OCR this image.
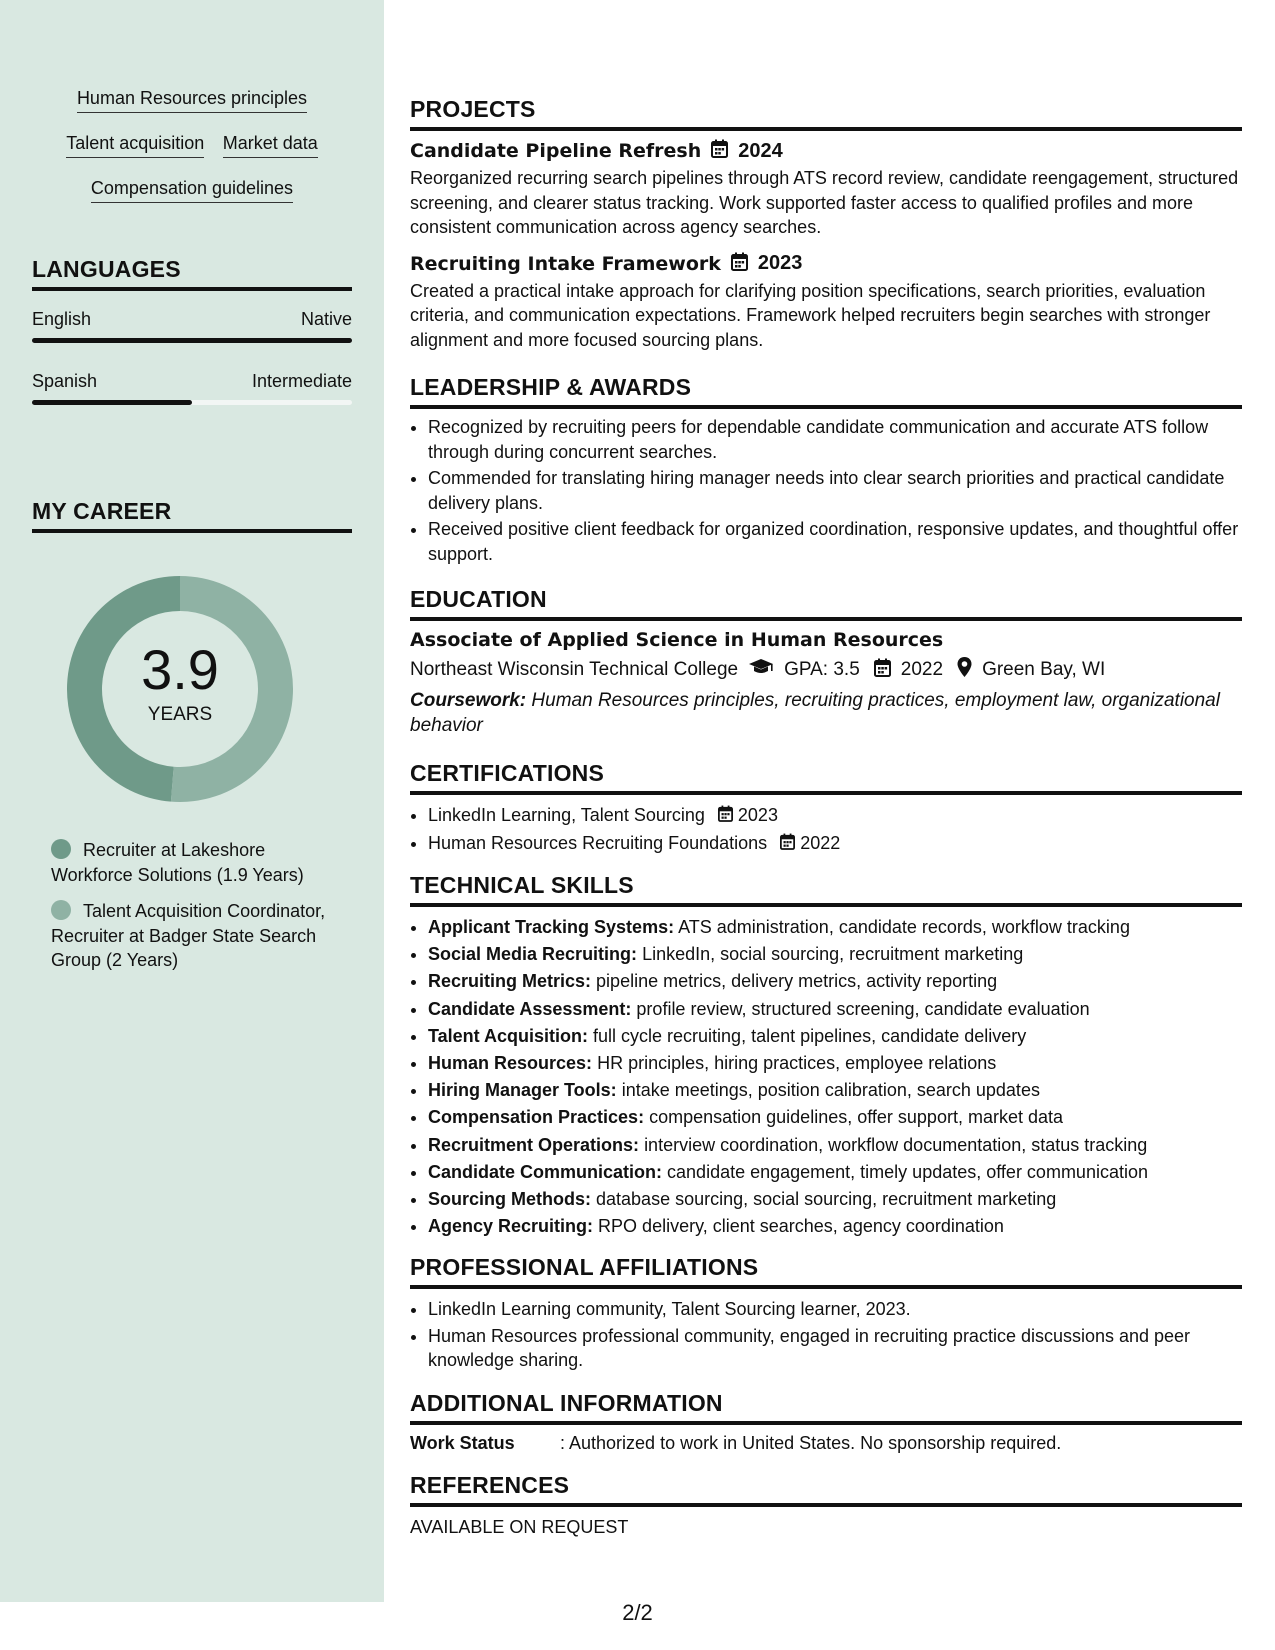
Human Resources principles
Talent acquisition Market data
Compensation guidelines
LANGUAGES
English	Native
Spanish	Intermediate
MY CAREER
3.9
YEARS
Recruiter at Lakeshore Workforce Solutions (1.9 Years)
Talent Acquisition Coordinator, Recruiter at Badger State Search Group (2 Years)
PROJECTS
Candidate Pipeline Refresh 2024

Reorganized recurring search pipelines through ATS record review, candidate reengagement, structured screening, and clearer status tracking. Work supported faster access to qualified profiles and more consistent communication across agency searches.

Recruiting Intake Framework 2023

Created a practical intake approach for clarifying position specifications, search priorities, evaluation criteria, and communication expectations. Framework helped recruiters begin searches with stronger alignment and more focused sourcing plans.

LEADERSHIP & AWARDS
• Recognized by recruiting peers for dependable candidate communication and accurate ATS follow through during concurrent searches.
• Commended for translating hiring manager needs into clear search priorities and practical candidate delivery plans.
• Received positive client feedback for organized coordination, responsive updates, and thoughtful offer support.
EDUCATION
Associate of Applied Science in Human Resources
Northeast Wisconsin Technical College GPA: 3.5 2022 Green Bay, WI
Coursework: Human Resources principles, recruiting practices, employment law, organizational behavior
CERTIFICATIONS
• LinkedIn Learning, Talent Sourcing 2023
• Human Resources Recruiting Foundations 2022
TECHNICAL SKILLS
• Applicant Tracking Systems: ATS administration, candidate records, workflow tracking
• Social Media Recruiting: LinkedIn, social sourcing, recruitment marketing
• Recruiting Metrics: pipeline metrics, delivery metrics, activity reporting
• Candidate Assessment: profile review, structured screening, candidate evaluation
• Talent Acquisition: full cycle recruiting, talent pipelines, candidate delivery
• Human Resources: HR principles, hiring practices, employee relations
• Hiring Manager Tools: intake meetings, position calibration, search updates
• Compensation Practices: compensation guidelines, offer support, market data
• Recruitment Operations: interview coordination, workflow documentation, status tracking
• Candidate Communication: candidate engagement, timely updates, offer communication
• Sourcing Methods: database sourcing, social sourcing, recruitment marketing
• Agency Recruiting: RPO delivery, client searches, agency coordination
PROFESSIONAL AFFILIATIONS
• LinkedIn Learning community, Talent Sourcing learner, 2023.
• Human Resources professional community, engaged in recruiting practice discussions and peer knowledge sharing.
ADDITIONAL INFORMATION
Work Status	: Authorized to work in United States. No sponsorship required.
REFERENCES
AVAILABLE ON REQUEST
2/2
